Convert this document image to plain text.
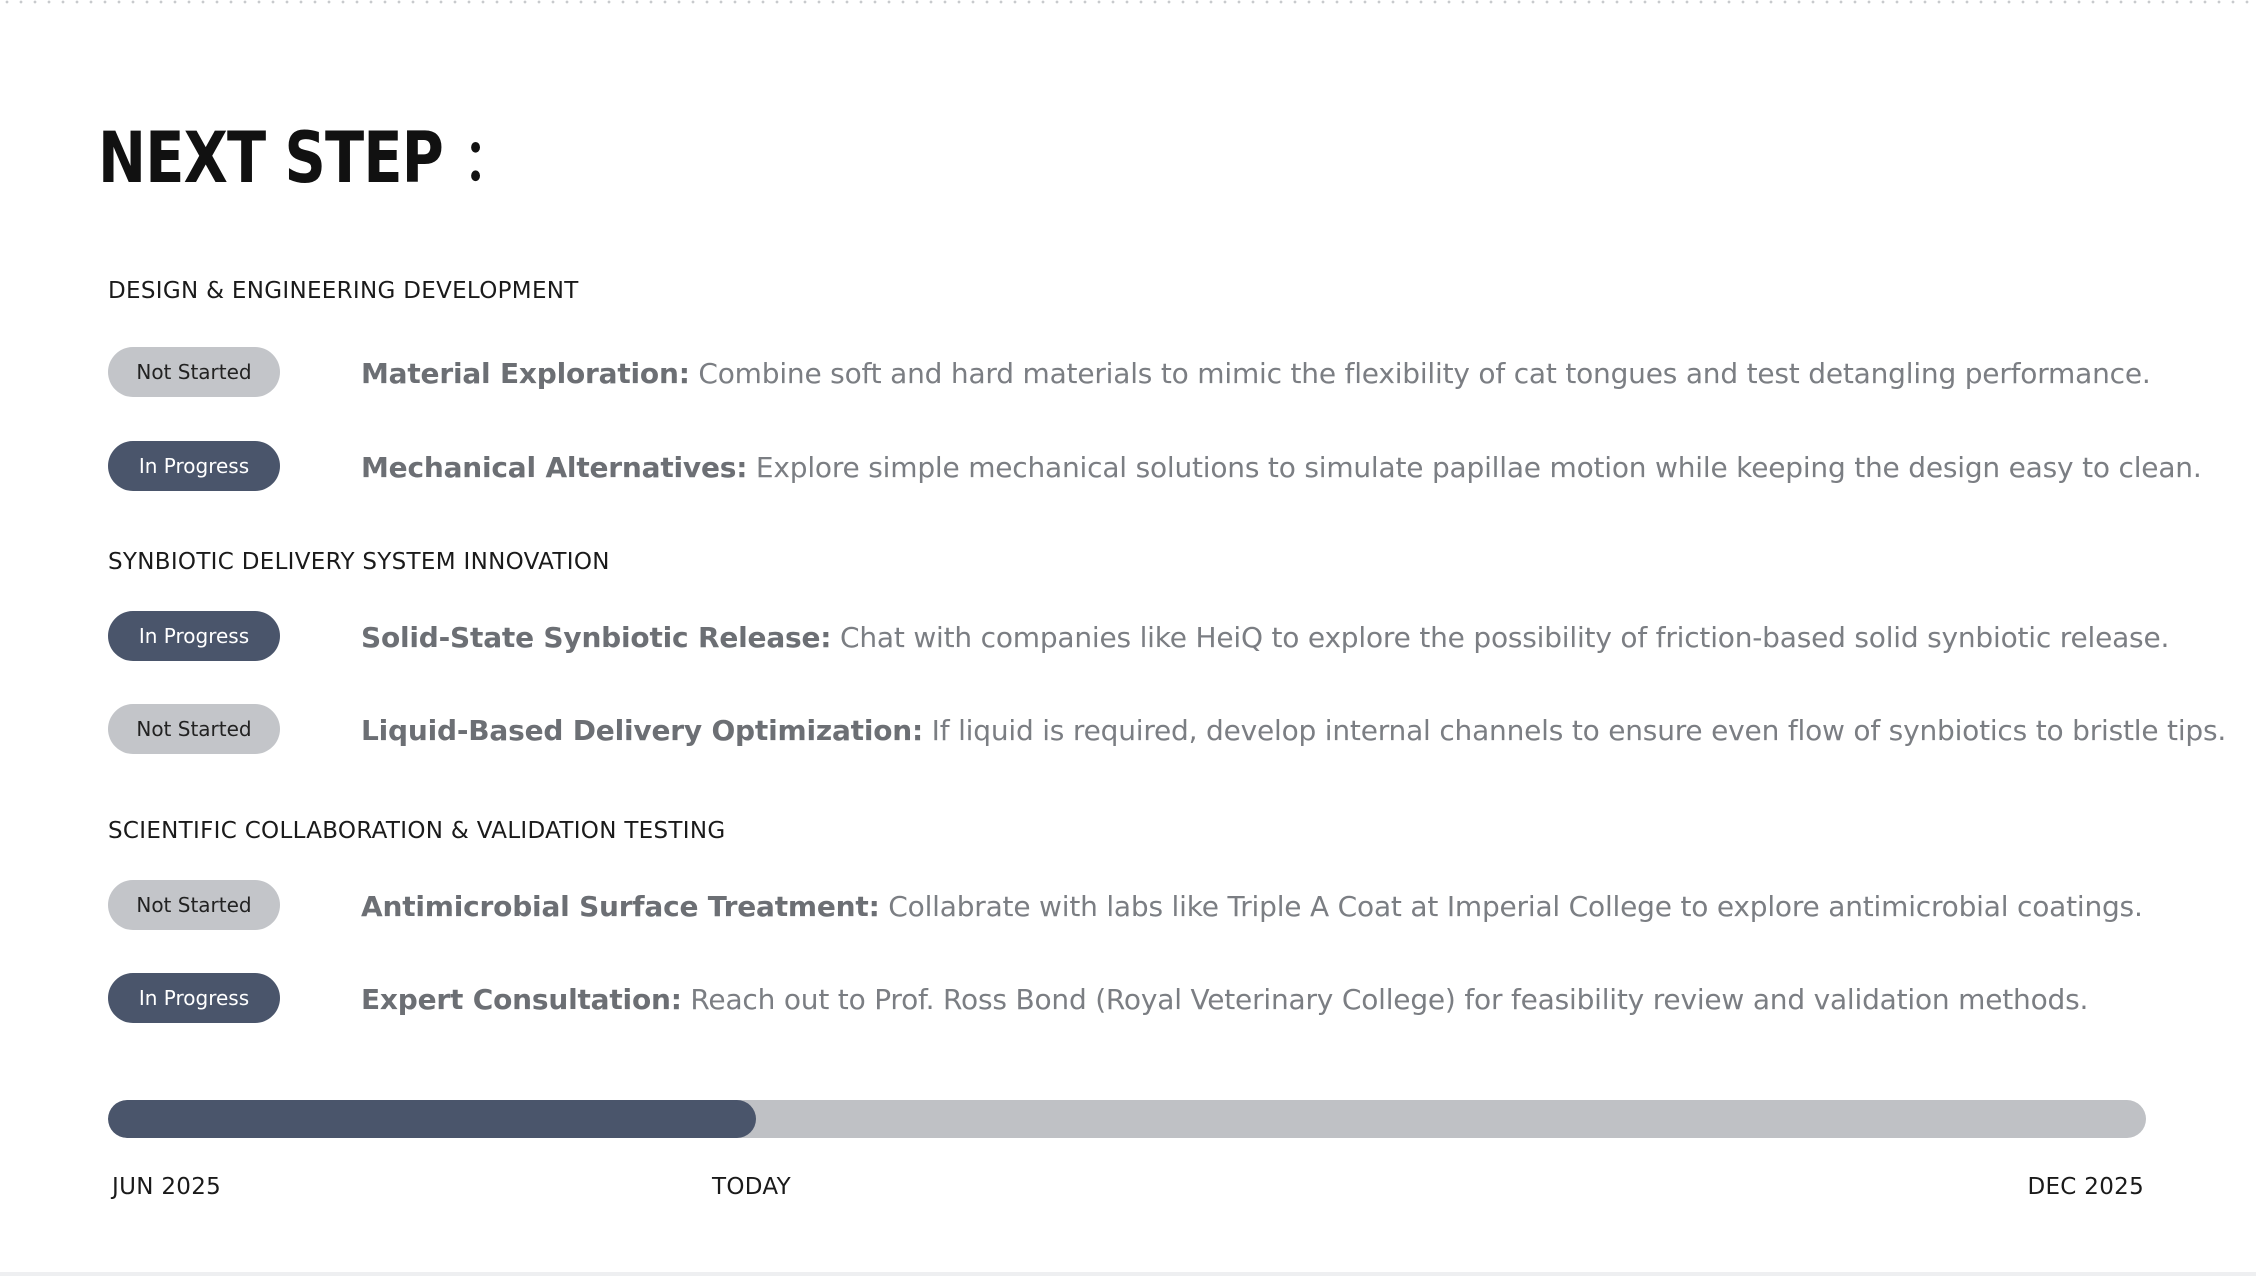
NEXT STEP ：
DESIGN & ENGINEERING DEVELOPMENT
Not Started	Material Exploration: Combine soft and hard materials to mimic the flexibility of cat tongues and test detangling performance.
In Progress	Mechanical Alternatives: Explore simple mechanical solutions to simulate papillae motion while keeping the design easy to clean.
SYNBIOTIC DELIVERY SYSTEM INNOVATION
In Progress	Solid-State Synbiotic Release: Chat with companies like HeiQ to explore the possibility of friction-based solid synbiotic release.
Not Started	Liquid-Based Delivery Optimization: If liquid is required, develop internal channels to ensure even flow of synbiotics to bristle tips.
SCIENTIFIC COLLABORATION & VALIDATION TESTING
Not Started	Antimicrobial Surface Treatment: Collabrate with labs like Triple A Coat at Imperial College to explore antimicrobial coatings.
In Progress	Expert Consultation: Reach out to Prof. Ross Bond (Royal Veterinary College) for feasibility review and validation methods.
JUN 2025	TODAY	DEC 2025
